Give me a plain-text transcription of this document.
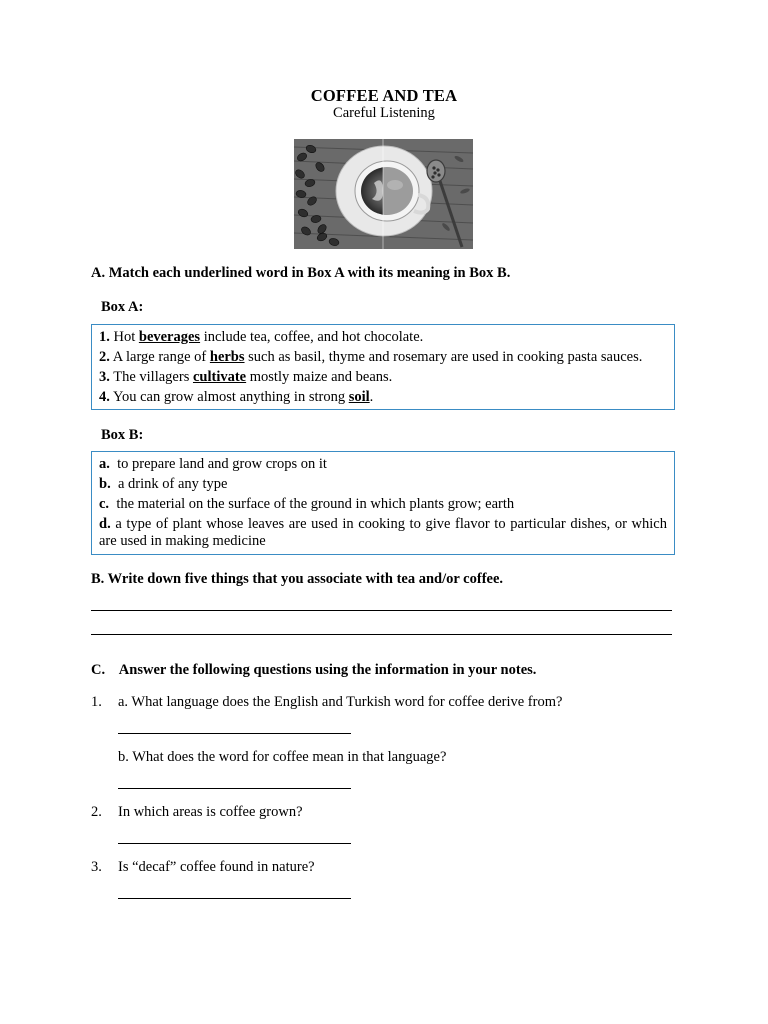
COFFEE AND TEA
Careful Listening
A. Match each underlined word in Box A with its meaning in Box B.
Box A:
1. Hot beverages include tea, coffee, and hot chocolate.
2. A large range of herbs such as basil, thyme and rosemary are used in cooking pasta sauces.
3. The villagers cultivate mostly maize and beans.
4. You can grow almost anything in strong soil.
Box B:
a.  to prepare land and grow crops on it
b.  a drink of any type
c.  the material on the surface of the ground in which plants grow; earth
d. a type of plant whose leaves are used in cooking to give flavor to particular dishes, or which are used in making medicine
B. Write down five things that you associate with tea and/or coffee.
C.    Answer the following questions using the information in your notes.
1. a. What language does the English and Turkish word for coffee derive from?
b. What does the word for coffee mean in that language?
2. In which areas is coffee grown?
3. Is “decaf” coffee found in nature?
